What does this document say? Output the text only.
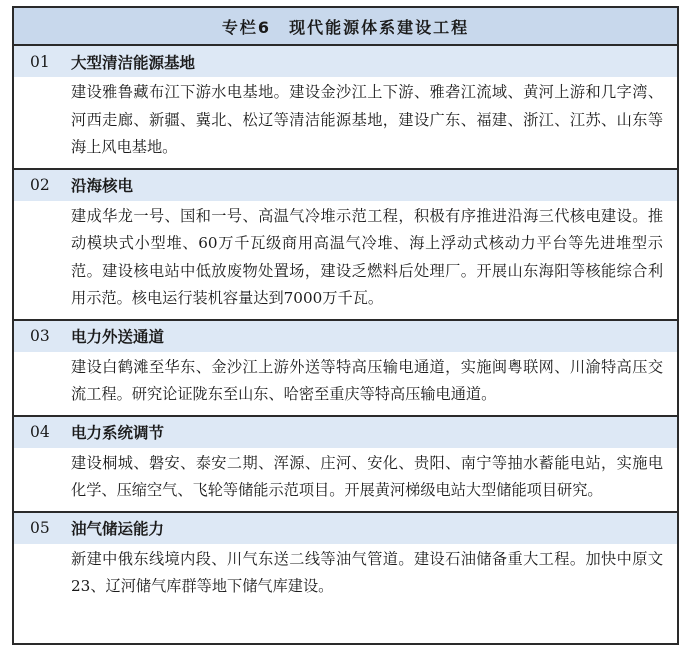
专栏6 现代能源体系建设工程
01	大型清洁能源基地
建设雅鲁藏布江下游水电基地。建设金沙江上下游、雅砻江流域、黄河上游和几字湾、河西走廊、新疆、冀北、松辽等清洁能源基地，建设广东、福建、浙江、江苏、山东等海上风电基地。
02	沿海核电
建成华龙一号、国和一号、高温气冷堆示范工程，积极有序推进沿海三代核电建设。推动模块式小型堆、60万千瓦级商用高温气冷堆、海上浮动式核动力平台等先进堆型示范。建设核电站中低放废物处置场，建设乏燃料后处理厂。开展山东海阳等核能综合利用示范。核电运行装机容量达到7000万千瓦。
03	电力外送通道
建设白鹤滩至华东、金沙江上游外送等特高压输电通道，实施闽粤联网、川渝特高压交流工程。研究论证陇东至山东、哈密至重庆等特高压输电通道。
04	电力系统调节
建设桐城、磐安、泰安二期、浑源、庄河、安化、贵阳、南宁等抽水蓄能电站，实施电化学、压缩空气、飞轮等储能示范项目。开展黄河梯级电站大型储能项目研究。
05	油气储运能力
新建中俄东线境内段、川气东送二线等油气管道。建设石油储备重大工程。加快中原文23、辽河储气库群等地下储气库建设。
